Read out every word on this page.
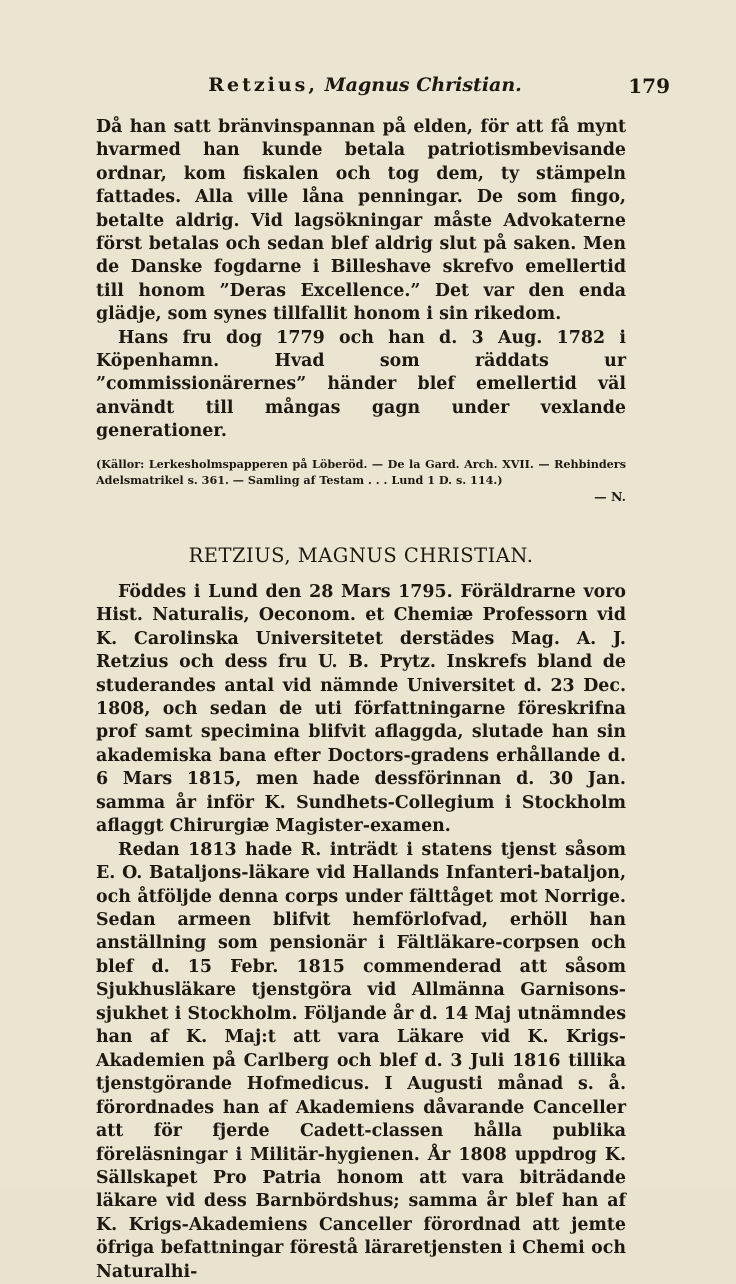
Retzius, Magnus Christian.	179

Då han satt bränvinspannan på elden, för att få mynt hvarmed han kunde betala patriotismbevisande ordnar, kom fiskalen och tog dem, ty stämpeln fattades. Alla ville låna penningar. De som fingo, betalte aldrig. Vid lagsökningar måste Advokaterne först betalas och sedan blef aldrig slut på saken. Men de Danske fogdarne i Billeshave skrefvo emellertid till honom ”Deras Excellence.” Det var den enda glädje, som synes tillfallit honom i sin rikedom.

Hans fru dog 1779 och han d. 3 Aug. 1782 i Köpenhamn. Hvad som räddats ur ”commissionärernes” händer blef emellertid väl användt till mångas gagn under vexlande generationer.

(Källor: Lerkesholmspapperen på Löberöd. — De la Gard. Arch. XVII. — Rehbinders Adelsmatrikel s. 361. — Samling af Testam . . . Lund 1 D. s. 114.)
— N.
RETZIUS, MAGNUS CHRISTIAN.

Föddes i Lund den 28 Mars 1795. Föräldrarne voro Hist. Naturalis, Oeconom. et Chemiæ Professorn vid K. Carolinska Universitetet derstädes Mag. A. J. Retzius och dess fru U. B. Prytz. Inskrefs bland de studerandes antal vid nämnde Universitet d. 23 Dec. 1808, och sedan de uti författningarne föreskrifna prof samt specimina blifvit aflaggda, slutade han sin akademiska bana efter Doctors-gradens erhållande d. 6 Mars 1815, men hade dessförinnan d. 30 Jan. samma år inför K. Sundhets-Collegium i Stockholm aflaggt Chirurgiæ Magister-examen.

Redan 1813 hade R. inträdt i statens tjenst såsom E. O. Bataljons-läkare vid Hallands Infanteri-bataljon, och åtföljde denna corps under fälttåget mot Norrige. Sedan armeen blifvit hemförlofvad, erhöll han anställning som pensionär i Fältläkare-corpsen och blef d. 15 Febr. 1815 commenderad att såsom Sjukhusläkare tjenstgöra vid Allmänna Garnisons-sjukhet i Stockholm. Följande år d. 14 Maj utnämndes han af K. Maj:t att vara Läkare vid K. Krigs-Akademien på Carlberg och blef d. 3 Juli 1816 tillika tjenstgörande Hofmedicus. I Augusti månad s. å. förordnades han af Akademiens dåvarande Canceller att för fjerde Cadett-classen hålla publika föreläsningar i Militär-hygienen. År 1808 uppdrog K. Sällskapet Pro Patria honom att vara biträdande läkare vid dess Barnbördshus; samma år blef han af K. Krigs-Akademiens Canceller förordnad att jemte öfriga befattningar förestå läraretjensten i Chemi och Naturalhi-
